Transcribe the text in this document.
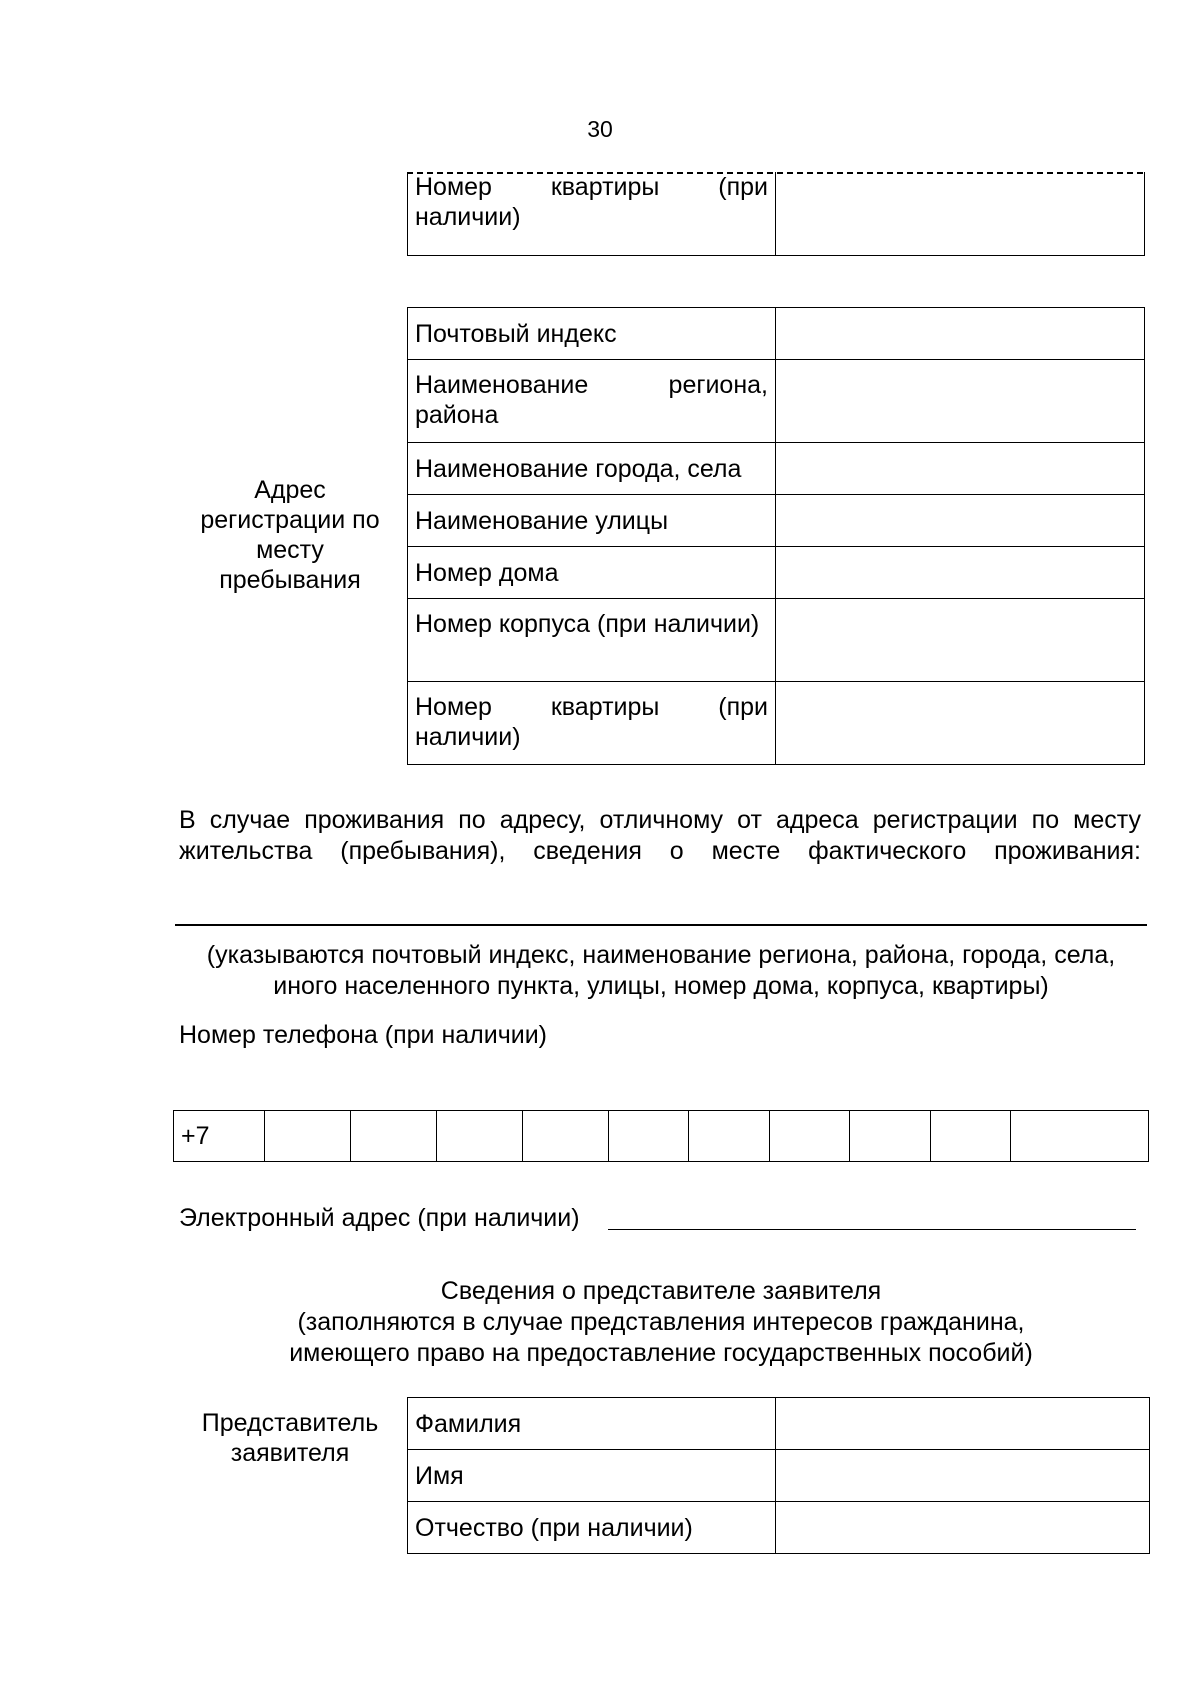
30
Номер квартиры (при наличии)	
Адрес регистрации по месту пребывания
Почтовый индекс	
Наименование региона, района	
Наименование города, села	
Наименование улицы	
Номер дома	
Номер корпуса (при наличии)	
Номер квартиры (при наличии)	
В случае проживания по адресу, отличному от адреса регистрации по месту жительства (пребывания), сведения о месте фактического проживания:
(указываются почтовый индекс, наименование региона, района, города, села, иного населенного пункта, улицы, номер дома, корпуса, квартиры)
Номер телефона (при наличии)
+7										
Электронный адрес (при наличии)
Сведения о представителе заявителя
(заполняются в случае представления интересов гражданина, имеющего право на предоставление государственных пособий)
Представитель заявителя
Фамилия	
Имя	
Отчество (при наличии)	
